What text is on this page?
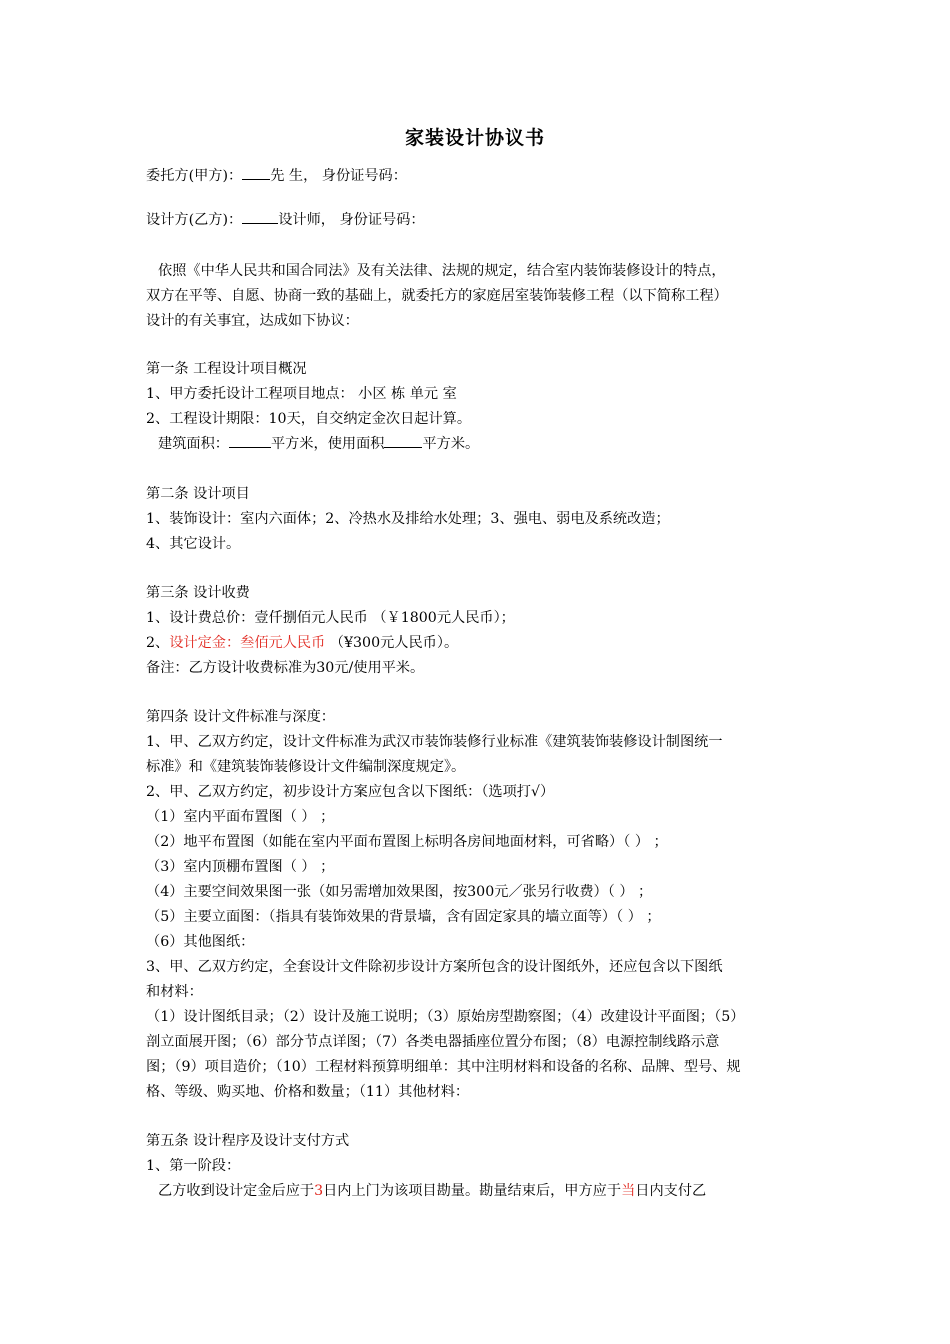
家装设计协议书
委托方(甲方)： 先 生， 身份证号码：
设计方(乙方)：	设计师， 身份证号码：
依照《中华人民共和国合同法》及有关法律、法规的规定，结合室内装饰装修设计的特点，
双方在平等、自愿、协商一致的基础上，就委托方的家庭居室装饰装修工程（以下简称工程）
设计的有关事宜，达成如下协议：
第一条 工程设计项目概况
1、甲方委托设计工程项目地点： 小区 栋 单元 室
2、工程设计期限：10天，自交纳定金次日起计算。
建筑面积：	平方米，使用面积	平方米。
第二条 设计项目
1、装饰设计：室内六面体；2、冷热水及排给水处理；3、强电、弱电及系统改造；
4、其它设计。
第三条 设计收费
1、设计费总价：壹仟捌佰元人民币 （￥1800元人民币）；
2、设计定金：叁佰元人民币 （¥300元人民币）。
备注：乙方设计收费标准为30元/使用平米。
第四条 设计文件标准与深度：
1、甲、乙双方约定，设计文件标准为武汉市装饰装修行业标准《建筑装饰装修设计制图统一
标准》和《建筑装饰装修设计文件编制深度规定》。
2、甲、乙双方约定，初步设计方案应包含以下图纸：（选项打√）
（1）室内平面布置图（ ） ；
（2）地平布置图（如能在室内平面布置图上标明各房间地面材料，可省略）（ ） ；
（3）室内顶棚布置图（ ） ；
（4）主要空间效果图一张（如另需增加效果图，按300元／张另行收费）（ ） ；
（5）主要立面图：（指具有装饰效果的背景墙，含有固定家具的墙立面等）（ ） ；
（6）其他图纸：
3、甲、乙双方约定，全套设计文件除初步设计方案所包含的设计图纸外，还应包含以下图纸
和材料：
（1）设计图纸目录；（2）设计及施工说明；（3）原始房型勘察图；（4）改建设计平面图；（5）
剖立面展开图；（6）部分节点详图；（7）各类电器插座位置分布图；（8）电源控制线路示意
图；（9）项目造价；（10）工程材料预算明细单：其中注明材料和设备的名称、品牌、型号、规
格、等级、购买地、价格和数量；（11）其他材料：
第五条 设计程序及设计支付方式
1、第一阶段：
乙方收到设计定金后应于3日内上门为该项目勘量。勘量结束后，甲方应于当日内支付乙
